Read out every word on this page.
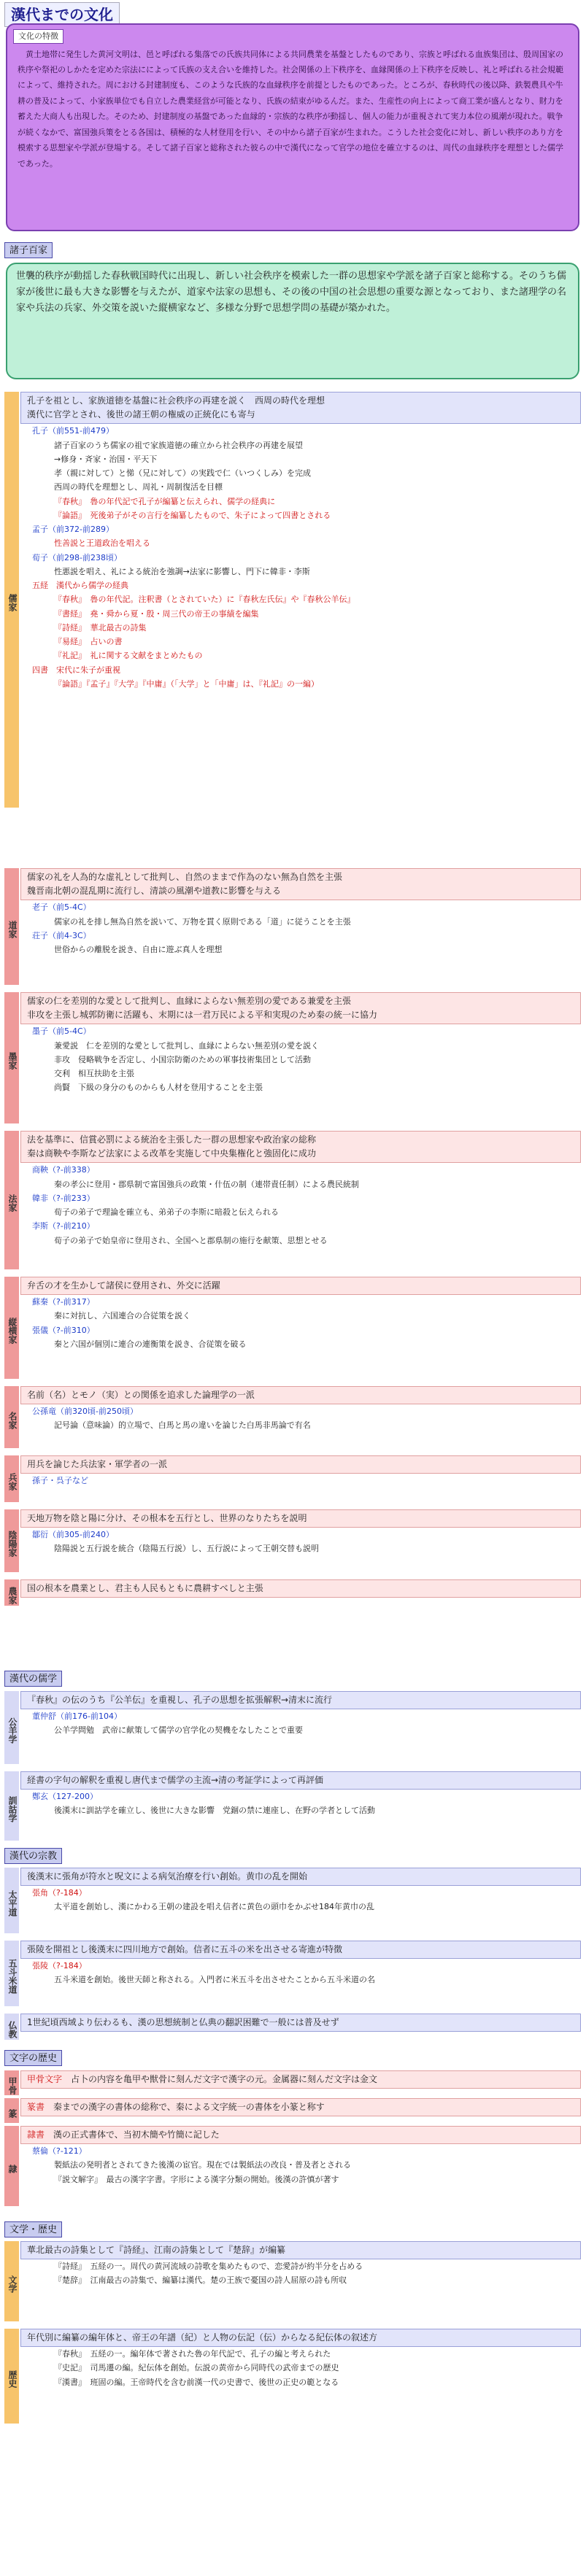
漢代までの文化
文化の特徴

黄土地帯に発生した黄河文明は、邑と呼ばれる集落での氏族共同体による共同農業を基盤としたものであり、宗族と呼ばれる血族集団は、殷周国家の秩序や祭祀のしかたを定めた宗法にによって氏族の支え合いを維持した。社会関係の上下秩序を、血縁関係の上下秩序を反映し、礼と呼ばれる社会規範によって、維持された。周における封建制度も、このような氏族的な血縁秩序を前提としたものであった。ところが、春秋時代の後以降、鉄製農具や牛耕の普及によって、小家族単位でも自立した農業経営が可能となり、氏族の結束がゆるんだ。また、生産性の向上によって商工業が盛んとなり、財力を蓄えた大商人も出現した。そのため、封建制度の基盤であった血縁的・宗族的な秩序が動揺し、個人の能力が重視されて実力本位の風潮が現れた。戦争が続くなかで、富国強兵策をとる各国は、積極的な人材登用を行い、その中から諸子百家が生まれた。こうした社会変化に対し、新しい秩序のあり方を模索する思想家や学派が登場する。そして諸子百家と総称された彼らの中で漢代になって官学の地位を確立するのは、周代の血縁秩序を理想とした儒学であった。

諸子百家
世襲的秩序が動揺した春秋戦国時代に出現し、新しい社会秩序を模索した一群の思想家や学派を諸子百家と総称する。そのうち儒家が後世に最も大きな影響を与えたが、道家や法家の思想も、その後の中国の社会思想の重要な源となっており、また諸理学の名家や兵法の兵家、外交策を説いた縦横家など、多様な分野で思想学問の基礎が築かれた。
儒家
孔子を祖とし、家族道徳を基盤に社会秩序の再建を説く　西周の時代を理想
漢代に官学とされ、後世の諸王朝の権威の正統化にも寄与
孔子（前551-前479）
諸子百家のうち儒家の祖で家族道徳の確立から社会秩序の再建を展望
→修身・斉家・治国・平天下
孝（親に対して）と悌（兄に対して）の実践で仁（いつくしみ）を完成
西周の時代を理想とし、周礼・周制復活を目標
『春秋』　魯の年代記で孔子が編纂と伝えられ、儒学の経典に
『論語』　死後弟子がその言行を編纂したもので、朱子によって四書とされる
孟子（前372-前289）
性善説と王道政治を唱える
荀子（前298-前238頃）
性悪説を唱え、礼による統治を強調→法家に影響し、門下に韓非・李斯
五経　漢代から儒学の経典
『春秋』　魯の年代記。注釈書（とされていた）に『春秋左氏伝』や『春秋公羊伝』
『書経』　堯・舜から夏・殷・周三代の帝王の事績を編集
『詩経』　華北最古の詩集
『易経』　占いの書
『礼記』　礼に関する文献をまとめたもの
四書　宋代に朱子が重視
『論語』『孟子』『大学』『中庸』（「大学」と「中庸」は、『礼記』の一編）
道家
儒家の礼を人為的な虚礼として批判し、自然のままで作為のない無為自然を主張
魏晋南北朝の混乱期に流行し、清談の風潮や道教に影響を与える
老子（前5-4C）
儒家の礼を排し無為自然を説いて、万物を貫く原則である「道」に従うことを主張
荘子（前4-3C）
世俗からの離脱を説き、自由に遊ぶ真人を理想
墨家
儒家の仁を差別的な愛として批判し、血縁によらない無差別の愛である兼愛を主張
非攻を主張し城郭防衛に活躍も、末期には一君万民による平和実現のため秦の統一に協力
墨子（前5-4C）
兼愛説　仁を差別的な愛として批判し、血縁によらない無差別の愛を説く
非攻　侵略戦争を否定し、小国宗防衛のための軍事技術集団として活動
交利　相互扶助を主張
尚賢　下級の身分のものからも人材を登用することを主張
法家
法を基準に、信賞必罰による統治を主張した一群の思想家や政治家の総称
秦は商鞅や李斯など法家による改革を実施して中央集権化と強固化に成功
商鞅（?-前338）
秦の孝公に登用・郡県制で富国強兵の政策・什伍の制（連帯責任制）による農民統制
韓非（?-前233）
荀子の弟子で理論を確立も、弟弟子の李斯に暗殺と伝えられる
李斯（?-前210）
荀子の弟子で始皇帝に登用され、全国へと郡県制の施行を献策、思想とせる
縦横家
弁舌の才を生かして諸侯に登用され、外交に活躍
蘇秦（?-前317）
秦に対抗し、六国連合の合従策を説く
張儀（?-前310）
秦と六国が個別に連合の連衡策を説き、合従策を破る
名家
名前（名）とモノ（実）との関係を追求した論理学の一派
公孫竜（前320頃-前250頃）
記号論（意味論）的立場で、白馬と馬の違いを論じた白馬非馬論で有名
兵家
用兵を論じた兵法家・軍学者の一派
孫子・呉子など
陰陽家
天地万物を陰と陽に分け、その根本を五行とし、世界のなりたちを説明
鄒衍（前305-前240）
陰陽説と五行説を統合（陰陽五行説）し、五行説によって王朝交替も説明
農家	国の根本を農業とし、君主も人民もともに農耕すべしと主張
漢代の儒学
公羊学
『春秋』の伝のうち『公羊伝』を重視し、孔子の思想を拡張解釈→清末に流行
董仲舒（前176-前104）
公羊学問勉　武帝に献策して儒学の官学化の契機をなしたことで重要
訓詁学
経書の字句の解釈を重視し唐代まで儒学の主流→清の考証学によって再評価
鄭玄（127-200）
後漢末に訓詁学を確立し、後世に大きな影響　党錮の禁に連座し、在野の学者として活動
漢代の宗教
太平道
後漢末に張角が符水と呪文による病気治療を行い創始。黄巾の乱を開始
張角（?-184）
太平道を創始し、漢にかわる王朝の建設を唱え信者に黄色の頭巾をかぶせ184年黄巾の乱
五斗米道
張陵を開祖とし後漢末に四川地方で創始。信者に五斗の米を出させる寄進が特徴
張陵（?-184）
五斗米道を創始。後世天師と称される。入門者に米五斗を出させたことから五斗米道の名
仏教	1世紀頃西域より伝わるも、漢の思想統制と仏典の翻訳困難で一般には普及せず
文字の歴史
甲骨	甲骨文字　 占卜の内容を亀甲や獣骨に刻んだ文字で漢字の元。金属器に刻んだ文字は金文
篆
篆書　 秦までの漢字の書体の総称で、秦による文字統一の書体を小篆と称す
隷
隷書　 漢の正式書体で、当初木簡や竹簡に記した
蔡倫（?-121）
製紙法の発明者とされてきた後漢の宦官。現在では製紙法の改良・普及者とされる
『説文解字』　最古の漢字字書。字形による漢字分類の開始。後漢の許慎が著す
文学・歴史
文学
華北最古の詩集として『詩経』、江南の詩集として『楚辞』が編纂
『詩経』　五経の一。周代の黄河流域の詩歌を集めたもので、恋愛詩が約半分を占める
『楚辞』　江南最古の詩集で、編纂は漢代。楚の王族で憂国の詩人屈原の詩も所収
歴史
年代別に編纂の編年体と、帝王の年譜（紀）と人物の伝記（伝）からなる紀伝体の叙述方
『春秋』　五経の一。編年体で著された魯の年代記で、孔子の編と考えられた
『史記』　司馬遷の編。紀伝体を創始。伝説の黄帝から同時代の武帝までの歴史
『漢書』　班固の編。王帝時代を含む前漢一代の史書で、後世の正史の範となる
